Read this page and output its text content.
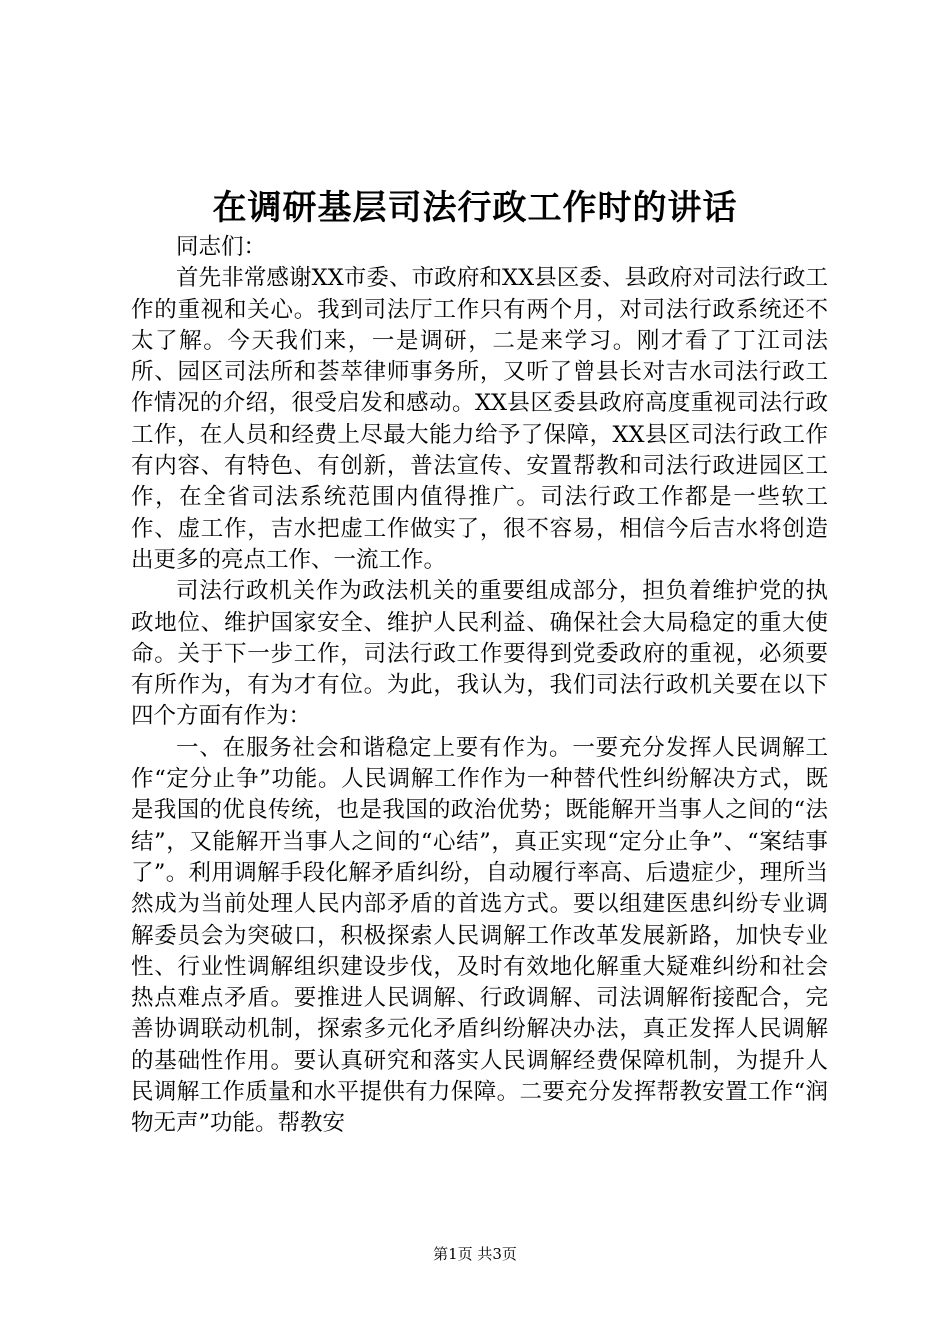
在调研基层司法行政工作时的讲话

同志们：

首先非常感谢XX市委、市政府和XX县区委、县政府对司法行政工作的重视和关心。我到司法厅工作只有两个月，对司法行政系统还不太了解。今天我们来，一是调研，二是来学习。刚才看了丁江司法所、园区司法所和荟萃律师事务所，又听了曾县长对吉水司法行政工作情况的介绍，很受启发和感动。XX县区委县政府高度重视司法行政工作，在人员和经费上尽最大能力给予了保障，XX县区司法行政工作有内容、有特色、有创新，普法宣传、安置帮教和司法行政进园区工作，在全省司法系统范围内值得推广。司法行政工作都是一些软工作、虚工作，吉水把虚工作做实了，很不容易，相信今后吉水将创造出更多的亮点工作、一流工作。

司法行政机关作为政法机关的重要组成部分，担负着维护党的执政地位、维护国家安全、维护人民利益、确保社会大局稳定的重大使命。关于下一步工作，司法行政工作要得到党委政府的重视，必须要有所作为，有为才有位。为此，我认为，我们司法行政机关要在以下四个方面有作为：

一、在服务社会和谐稳定上要有作为。一要充分发挥人民调解工作“定分止争”功能。人民调解工作作为一种替代性纠纷解决方式，既是我国的优良传统，也是我国的政治优势；既能解开当事人之间的“法结”，又能解开当事人之间的“心结”，真正实现“定分止争”、“案结事了”。利用调解手段化解矛盾纠纷，自动履行率高、后遗症少，理所当然成为当前处理人民内部矛盾的首选方式。要以组建医患纠纷专业调解委员会为突破口，积极探索人民调解工作改革发展新路，加快专业性、行业性调解组织建设步伐，及时有效地化解重大疑难纠纷和社会热点难点矛盾。要推进人民调解、行政调解、司法调解衔接配合，完善协调联动机制，探索多元化矛盾纠纷解决办法，真正发挥人民调解的基础性作用。要认真研究和落实人民调解经费保障机制，为提升人民调解工作质量和水平提供有力保障。二要充分发挥帮教安置工作“润物无声”功能。帮教安

第1页 共3页
